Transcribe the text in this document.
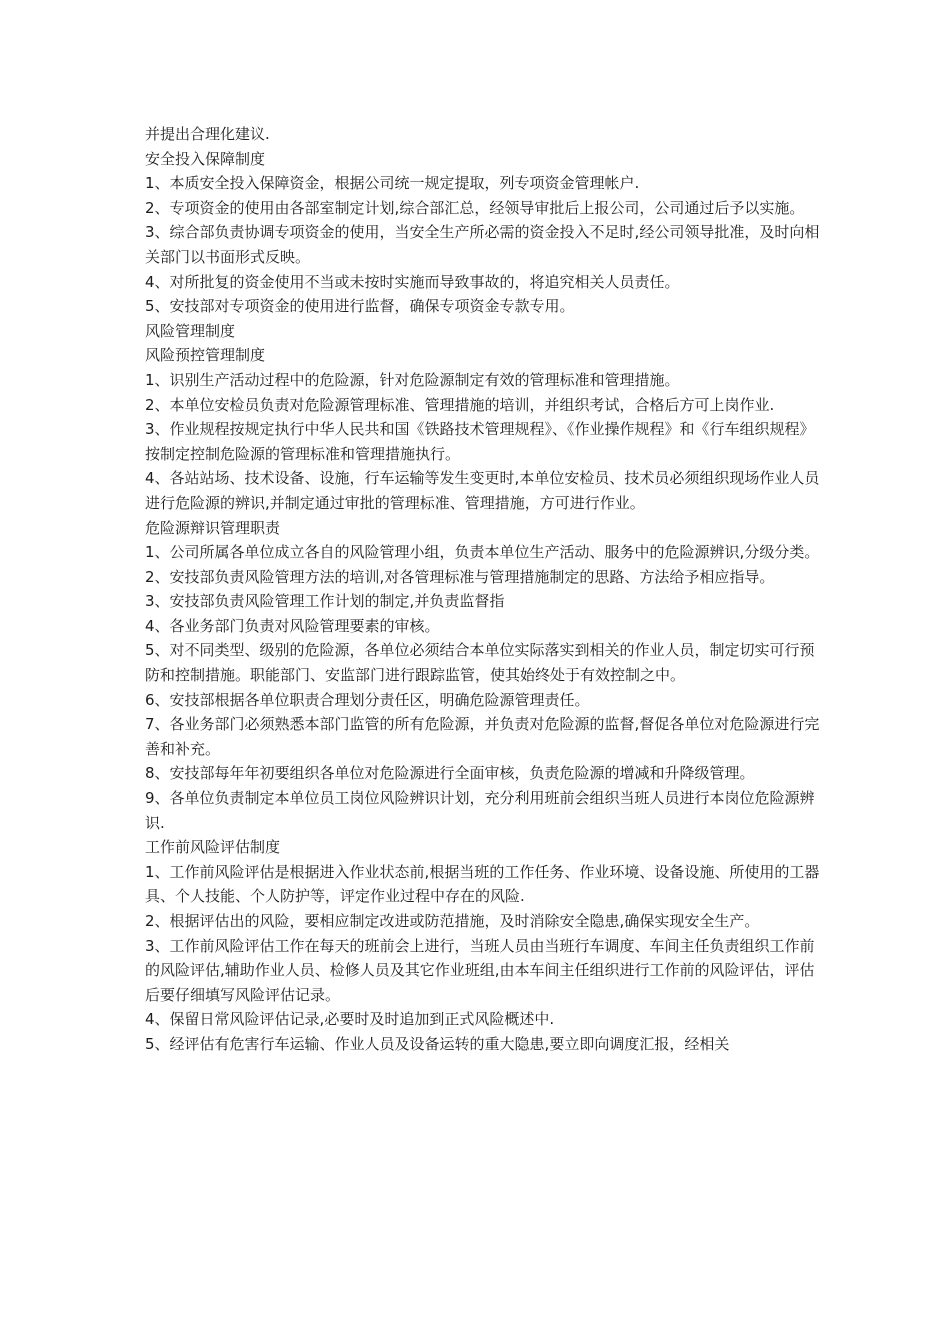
并提出合理化建议.

安全投入保障制度

1、本质安全投入保障资金，根据公司统一规定提取，列专项资金管理帐户.

2、专项资金的使用由各部室制定计划,综合部汇总，经领导审批后上报公司，公司通过后予以实施。

3、综合部负责协调专项资金的使用，当安全生产所必需的资金投入不足时,经公司领导批准，及时向相关部门以书面形式反映。

4、对所批复的资金使用不当或未按时实施而导致事故的，将追究相关人员责任。

5、安技部对专项资金的使用进行监督，确保专项资金专款专用。

风险管理制度

风险预控管理制度

1、识别生产活动过程中的危险源，针对危险源制定有效的管理标准和管理措施。

2、本单位安检员负责对危险源管理标准、管理措施的培训，并组织考试，合格后方可上岗作业.

3、作业规程按规定执行中华人民共和国《铁路技术管理规程》、《作业操作规程》和《行车组织规程》按制定控制危险源的管理标准和管理措施执行。

4、各站站场、技术设备、设施，行车运输等发生变更时,本单位安检员、技术员必须组织现场作业人员进行危险源的辨识,并制定通过审批的管理标准、管理措施，方可进行作业。

危险源辩识管理职责

1、公司所属各单位成立各自的风险管理小组，负责本单位生产活动、服务中的危险源辨识,分级分类。

2、安技部负责风险管理方法的培训,对各管理标准与管理措施制定的思路、方法给予相应指导。

3、安技部负责风险管理工作计划的制定,并负责监督指

4、各业务部门负责对风险管理要素的审核。

5、对不同类型、级别的危险源，各单位必须结合本单位实际落实到相关的作业人员，制定切实可行预防和控制措施。职能部门、安监部门进行跟踪监管，使其始终处于有效控制之中。

6、安技部根据各单位职责合理划分责任区，明确危险源管理责任。

7、各业务部门必须熟悉本部门监管的所有危险源，并负责对危险源的监督,督促各单位对危险源进行完善和补充。

8、安技部每年年初要组织各单位对危险源进行全面审核，负责危险源的增减和升降级管理。

9、各单位负责制定本单位员工岗位风险辨识计划，充分利用班前会组织当班人员进行本岗位危险源辨识.

工作前风险评估制度

1、工作前风险评估是根据进入作业状态前,根据当班的工作任务、作业环境、设备设施、所使用的工器具、个人技能、个人防护等，评定作业过程中存在的风险.

2、根据评估出的风险，要相应制定改进或防范措施，及时消除安全隐患,确保实现安全生产。

3、工作前风险评估工作在每天的班前会上进行，当班人员由当班行车调度、车间主任负责组织工作前的风险评估,辅助作业人员、检修人员及其它作业班组,由本车间主任组织进行工作前的风险评估，评估后要仔细填写风险评估记录。

4、保留日常风险评估记录,必要时及时追加到正式风险概述中.

5、经评估有危害行车运输、作业人员及设备运转的重大隐患,要立即向调度汇报，经相关
